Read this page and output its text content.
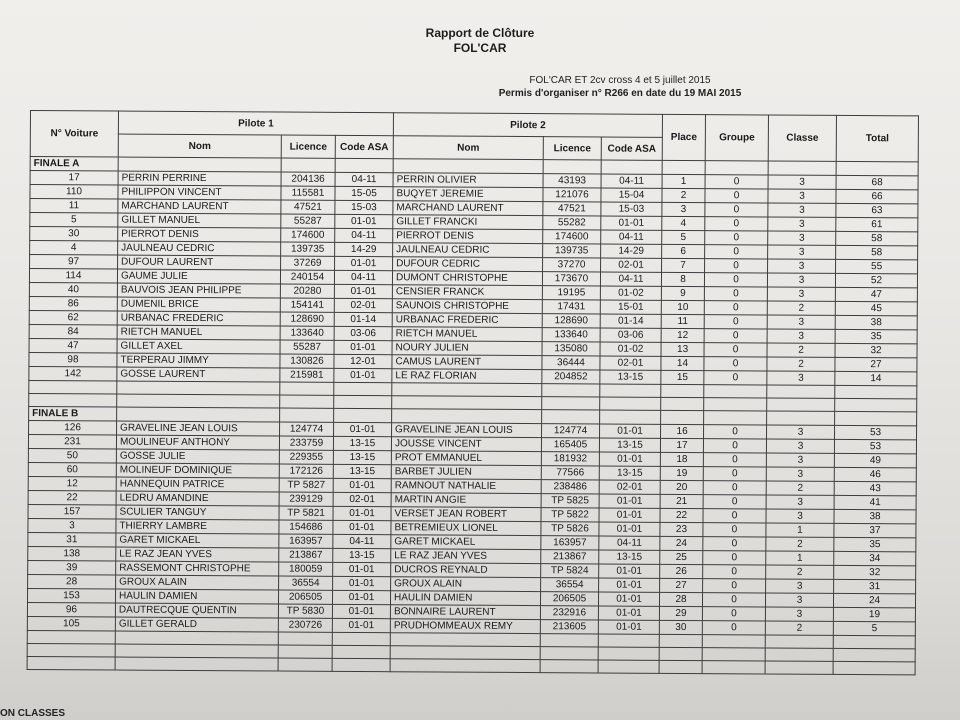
Rapport de Clôture
FOL'CAR
FOL'CAR ET 2cv cross 4 et 5 juillet 2015
Permis d'organiser n° R266 en date du 19 MAI 2015
N° Voiture	Pilote 1			Pilote 2			Place	Groupe	Classe	Total
	Nom	Licence	Code ASA	Nom	Licence	Code ASA				
FINALE A										
17	PERRIN PERRINE	204136	04-11	PERRIN OLIVIER	43193	04-11	1	0	3	68
110	PHILIPPON VINCENT	115581	15-05	BUQYET JEREMIE	121076	15-04	2	0	3	66
11	MARCHAND LAURENT	47521	15-03	MARCHAND LAURENT	47521	15-03	3	0	3	63
5	GILLET MANUEL	55287	01-01	GILLET FRANCKI	55282	01-01	4	0	3	61
30	PIERROT DENIS	174600	04-11	PIERROT DENIS	174600	04-11	5	0	3	58
4	JAULNEAU CEDRIC	139735	14-29	JAULNEAU CEDRIC	139735	14-29	6	0	3	58
97	DUFOUR LAURENT	37269	01-01	DUFOUR CEDRIC	37270	02-01	7	0	3	55
114	GAUME JULIE	240154	04-11	DUMONT CHRISTOPHE	173670	04-11	8	0	3	52
40	BAUVOIS JEAN PHILIPPE	20280	01-01	CENSIER FRANCK	19195	01-02	9	0	3	47
86	DUMENIL BRICE	154141	02-01	SAUNOIS CHRISTOPHE	17431	15-01	10	0	2	45
62	URBANAC FREDERIC	128690	01-14	URBANAC FREDERIC	128690	01-14	11	0	3	38
84	RIETCH MANUEL	133640	03-06	RIETCH MANUEL	133640	03-06	12	0	3	35
47	GILLET AXEL	55287	01-01	NOURY JULIEN	135080	01-02	13	0	2	32
98	TERPERAU JIMMY	130826	12-01	CAMUS LAURENT	36444	02-01	14	0	2	27
142	GOSSE LAURENT	215981	01-01	LE RAZ FLORIAN	204852	13-15	15	0	3	14

FINALE B										
126	GRAVELINE JEAN LOUIS	124774	01-01	GRAVELINE JEAN LOUIS	124774	01-01	16	0	3	53
231	MOULINEUF ANTHONY	233759	13-15	JOUSSE VINCENT	165405	13-15	17	0	3	53
50	GOSSE JULIE	229355	13-15	PROT EMMANUEL	181932	01-01	18	0	3	49
60	MOLINEUF DOMINIQUE	172126	13-15	BARBET JULIEN	77566	13-15	19	0	3	46
12	HANNEQUIN PATRICE	TP 5827	01-01	RAMNOUT NATHALIE	238486	02-01	20	0	2	43
22	LEDRU AMANDINE	239129	02-01	MARTIN ANGIE	TP 5825	01-01	21	0	3	41
157	SCULIER TANGUY	TP 5821	01-01	VERSET JEAN ROBERT	TP 5822	01-01	22	0	3	38
3	THIERRY LAMBRE	154686	01-01	BETREMIEUX LIONEL	TP 5826	01-01	23	0	1	37
31	GARET MICKAEL	163957	04-11	GARET MICKAEL	163957	04-11	24	0	2	35
138	LE RAZ JEAN YVES	213867	13-15	LE RAZ JEAN YVES	213867	13-15	25	0	1	34
39	RASSEMONT CHRISTOPHE	180059	01-01	DUCROS REYNALD	TP 5824	01-01	26	0	2	32
28	GROUX ALAIN	36554	01-01	GROUX ALAIN	36554	01-01	27	0	3	31
153	HAULIN DAMIEN	206505	01-01	HAULIN DAMIEN	206505	01-01	28	0	3	24
96	DAUTRECQUE QUENTIN	TP 5830	01-01	BONNAIRE LAURENT	232916	01-01	29	0	3	19
105	GILLET GERALD	230726	01-01	PRUDHOMMEAUX REMY	213605	01-01	30	0	2	5

ON CLASSES
